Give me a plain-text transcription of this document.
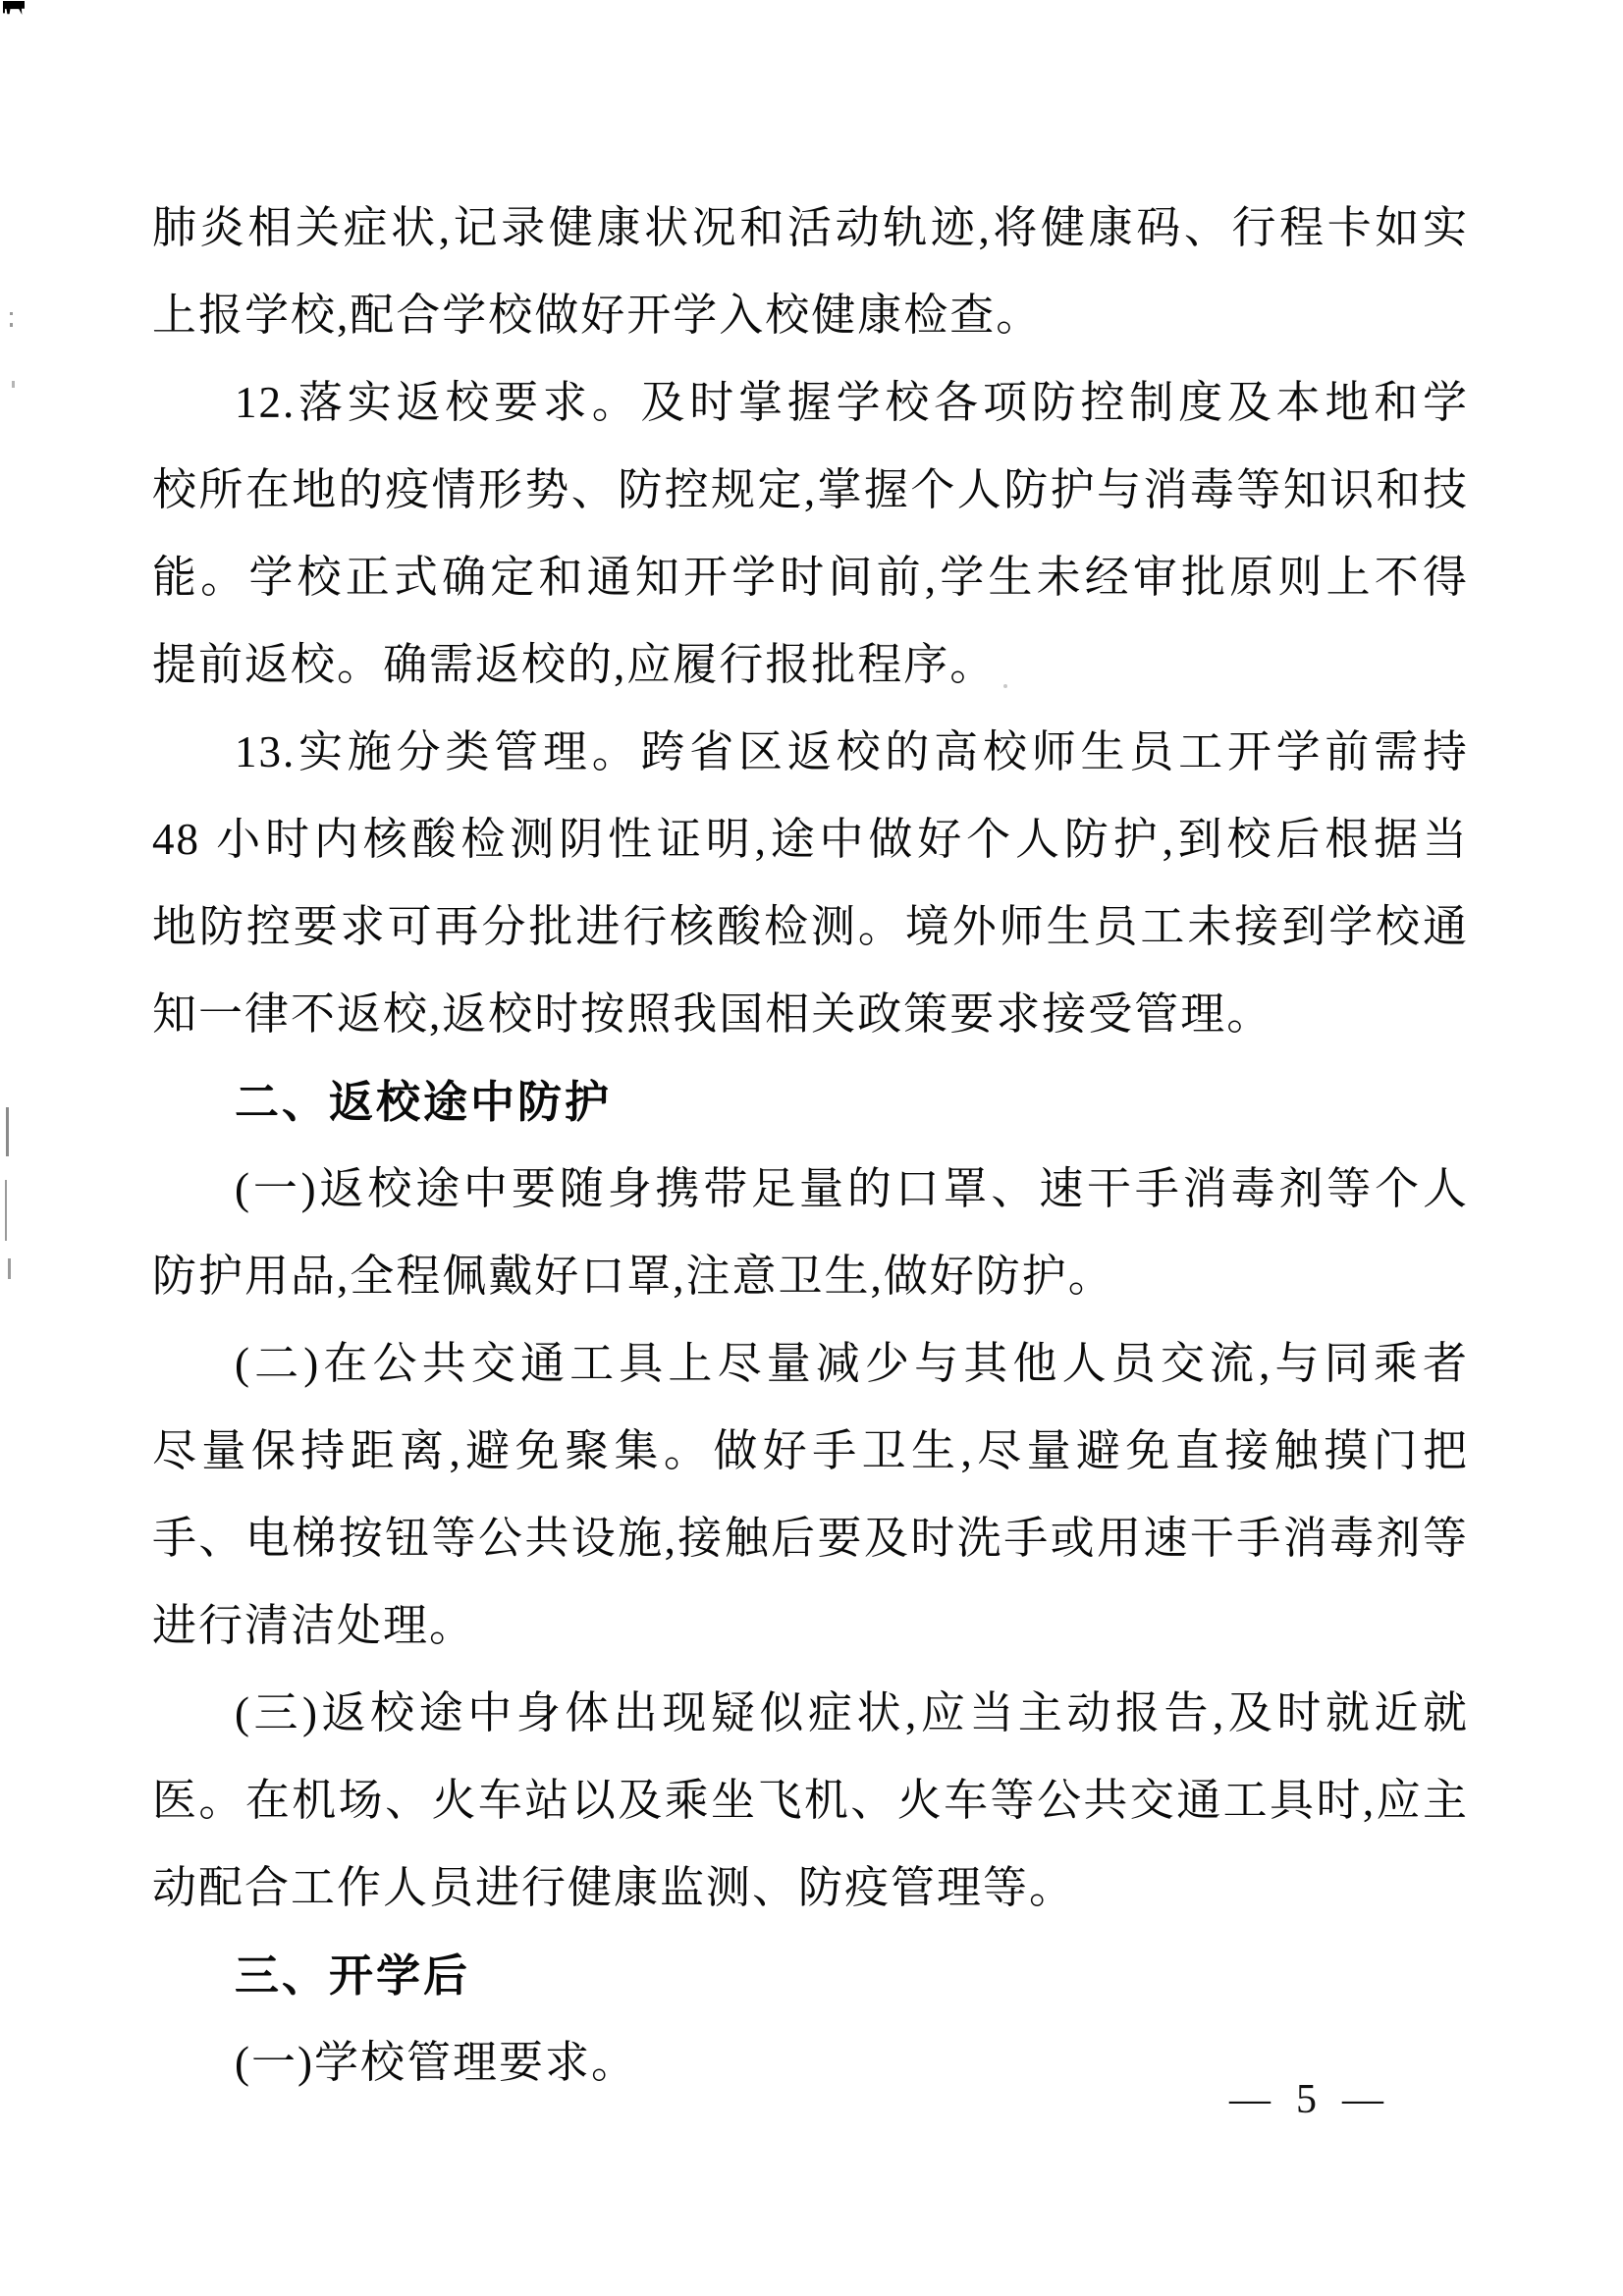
肺炎相关症状,记录健康状况和活动轨迹,将健康码、行程卡如实
上报学校,配合学校做好开学入校健康检查。
12.落实返校要求。及时掌握学校各项防控制度及本地和学
校所在地的疫情形势、防控规定,掌握个人防护与消毒等知识和技
能。学校正式确定和通知开学时间前,学生未经审批原则上不得
提前返校。确需返校的,应履行报批程序。
13.实施分类管理。跨省区返校的高校师生员工开学前需持
48 小时内核酸检测阴性证明,途中做好个人防护,到校后根据当
地防控要求可再分批进行核酸检测。境外师生员工未接到学校通
知一律不返校,返校时按照我国相关政策要求接受管理。
二、返校途中防护
(一)返校途中要随身携带足量的口罩、速干手消毒剂等个人
防护用品,全程佩戴好口罩,注意卫生,做好防护。
(二)在公共交通工具上尽量减少与其他人员交流,与同乘者
尽量保持距离,避免聚集。做好手卫生,尽量避免直接触摸门把
手、电梯按钮等公共设施,接触后要及时洗手或用速干手消毒剂等
进行清洁处理。
(三)返校途中身体出现疑似症状,应当主动报告,及时就近就
医。在机场、火车站以及乘坐飞机、火车等公共交通工具时,应主
动配合工作人员进行健康监测、防疫管理等。
三、开学后
(一)学校管理要求。
— 5 —
